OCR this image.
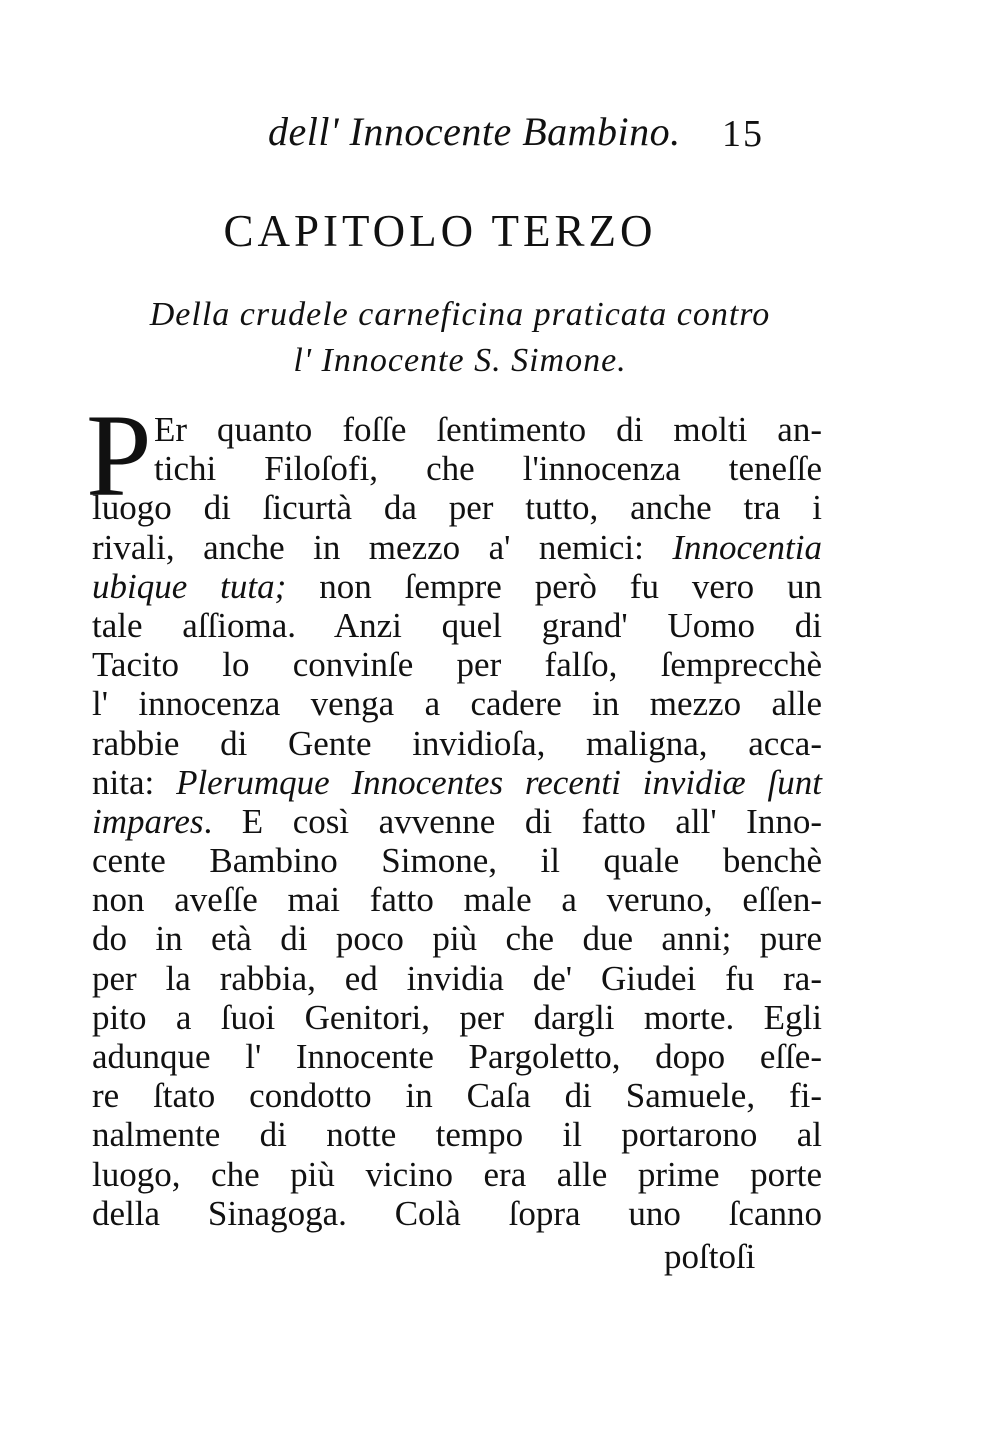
dell' Innocente Bambino. 15
CAPITOLO TERZO
Della crudele carneficina praticata contro
l' Innocente S. Simone.
P Er quanto foſſe ſentimento di molti an-
tichi Filoſofi, che l'innocenza teneſſe
luogo di ſicurtà da per tutto, anche tra i
rivali, anche in mezzo a' nemici: Innocentia
ubique tuta; non ſempre però fu vero un
tale aſſioma. Anzi quel grand' Uomo di
Tacito lo convinſe per falſo, ſemprecchè
l' innocenza venga a cadere in mezzo alle
rabbie di Gente invidioſa, maligna, acca-
nita: Plerumque Innocentes recenti invidiæ ſunt
impares. E così avvenne di fatto all' Inno-
cente Bambino Simone, il quale benchè
non aveſſe mai fatto male a veruno, eſſen-
do in età di poco più che due anni; pure
per la rabbia, ed invidia de' Giudei fu ra-
pito a ſuoi Genitori, per dargli morte. Egli
adunque l' Innocente Pargoletto, dopo eſſe-
re ſtato condotto in Caſa di Samuele, fi-
nalmente di notte tempo il portarono al
luogo, che più vicino era alle prime porte
della Sinagoga. Colà ſopra uno ſcanno
poſtoſi
